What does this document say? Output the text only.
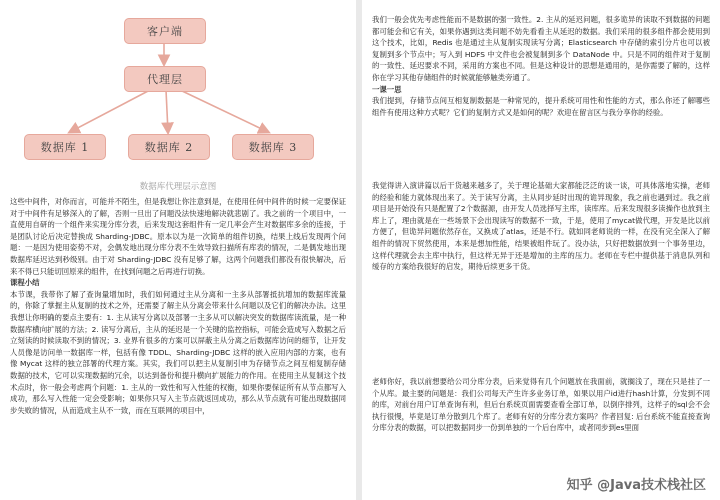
客户端
代理层
数据库 1	数据库 2	数据库 3

数据库代理层示意图

这些中间件，对你而言，可能并不陌生，但是我想让你注意到是，在使用任何中间件的时候一定要保证对于中间件有足够深入的了解，否则一旦出了问题没法快速地解决就悲剧了。我之前的一个项目中，一直使用自研的一个组件来实现分库分表，后来发现这套组件有一定几率会产生对数据库多余的连接，于是团队讨论后决定替换成 Sharding-JDBC。原本以为是一次简单的组件切换，结果上线后发现两个问题：一是因为使用姿势不对，会偶发地出现分库分表不生效导致扫描所有库表的情况，二是偶发地出现数据库延迟达到秒级别。由于对 Sharding-JDBC 没有足够了解，这两个问题我们都没有很快解决，后来不得已只能切回原来的组件，在找到问题之后再进行切换。

课程小结

本节课，我带你了解了查询量增加时，我们如何通过主从分离和一主多从部署抵抗增加的数据库流量的，你除了掌握主从复制的技术之外，还需要了解主从分离会带来什么问题以及它们的解决办法。这里我想让你明确的要点主要有：1. 主从读写分离以及部署一主多从可以解决突发的数据库读流量，是一种数据库横向扩展的方法；2. 读写分离后，主从的延迟是一个关键的监控指标，可能会造成写入数据之后立刻读的时候读取不到的情况；3. 业界有很多的方案可以屏蔽主从分离之后数据库访问的细节，让开发人员像是访问单一数据库一样，包括有像 TDDL、Sharding-JDBC 这样的嵌入应用内部的方案，也有像 Mycat 这样的独立部署的代理方案。其实，我们可以把主从复制引申为存储节点之间互相复制存储数据的技术，它可以实现数据的冗余，以达到备份和提升横向扩展能力的作用。在使用主从复制这个技术点时，你一般会考虑两个问题：1. 主从的一致性和写入性能的权衡，如果你要保证所有从节点都写入成功，那么写入性能一定会受影响；如果你只写入主节点就返回成功，那么从节点就有可能出现数据同步失败的情况，从而造成主从不一致，而在互联网的项目中，

我们一般会优先考虑性能而不是数据的强一致性。2. 主从的延迟问题，很多诡异的读取不到数据的问题都可能会和它有关，如果你遇到这类问题不妨先看看主从延迟的数据。我们采用的很多组件都会使用到这个技术，比如，Redis 也是通过主从复制实现读写分离；Elasticsearch 中存储的索引分片也可以被复制到多个节点中；写入到 HDFS 中文件也会被复制到多个 DataNode 中。只是不同的组件对于复制的一致性、延迟要求不同，采用的方案也不同。但是这种设计的思想是通用的，是你需要了解的，这样你在学习其他存储组件的时候就能够触类旁通了。

一课一思

我们提到，存储节点间互相复制数据是一种常见的，提升系统可用性和性能的方式，那么你还了解哪些组件有使用这种方式呢？它们的复制方式又是如何的呢？欢迎在留言区与我分享你的经验。

我觉得讲入演讲篇以后干货越来越多了，关于理论基础大家都能泛泛的谈一谈，可具体落地实操，老师的经验和能力就体现出来了。关于读写分离，主从同步延时出现的诡异现象，我之前也遇到过。我之前项目是开始没有只是配置了2个数据源，由开发人员选择写主库，读库库。后来发现很多读操作也放到主库上了，理由就是在一些场景下会出现读写的数据不一致，于是，使用了mycat做代理，开发是比以前方便了，但诡异问题依然存在，又换成了atlas，还是不行。就如同老师说的一样，在没有完全深入了解组件的情况下贸然使用，本来是想加性能，结果被组件玩了。没办法，只好把数据放到一个事务里边，这样代理就会去主库中执行，但这样无异于还是增加的主库的压力。老师在专栏中提供基于消息队列和缓存的方案给我很好的启发，期待后续更多干货。

老师你好，我以前想要给公司分库分表，后来觉得有几个问题放在我面前，就搁浅了，现在只是挂了一个从库。最主要的问题是：我们公司每天产生许多业务订单，如果以用户id进行hash计算，分发到不同的库，对前台用户订单查询有利，但后台系统页面需要查看全部订单，以倒序排列，这样子的sql会不会执行很慢，毕竟是订单分散到几个库了。老师有好的分库分表方案吗？作者回复: 后台系统不能直接查询分库分表的数据，可以把数据同步一份到单独的一个后台库中，或者同步到es里面

知乎 @Java技术栈社区
